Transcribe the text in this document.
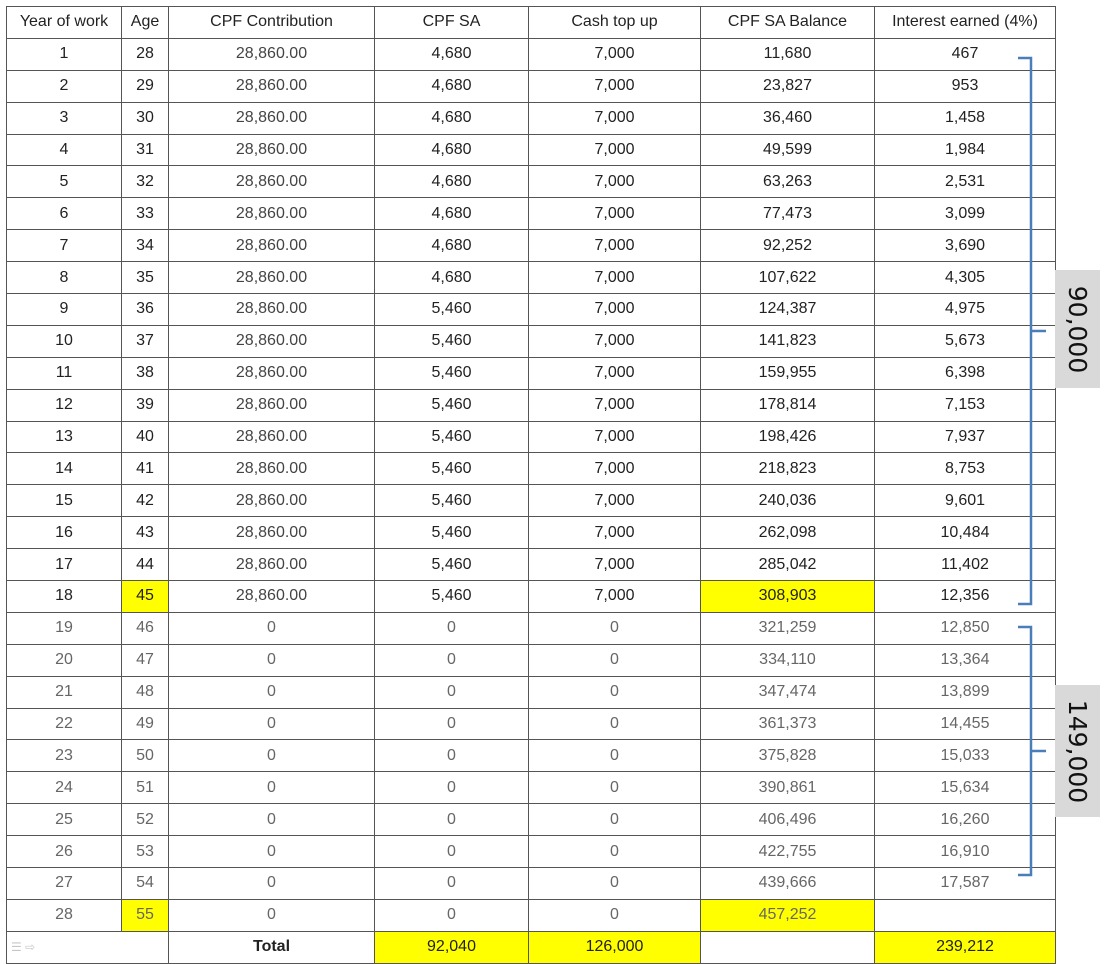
Year of work	Age	CPF Contribution	CPF SA	Cash top up	CPF SA Balance	Interest earned (4%)
1	28	28,860.00	4,680	7,000	11,680	467
2	29	28,860.00	4,680	7,000	23,827	953
3	30	28,860.00	4,680	7,000	36,460	1,458
4	31	28,860.00	4,680	7,000	49,599	1,984
5	32	28,860.00	4,680	7,000	63,263	2,531
6	33	28,860.00	4,680	7,000	77,473	3,099
7	34	28,860.00	4,680	7,000	92,252	3,690
8	35	28,860.00	4,680	7,000	107,622	4,305
9	36	28,860.00	5,460	7,000	124,387	4,975
10	37	28,860.00	5,460	7,000	141,823	5,673
11	38	28,860.00	5,460	7,000	159,955	6,398
12	39	28,860.00	5,460	7,000	178,814	7,153
13	40	28,860.00	5,460	7,000	198,426	7,937
14	41	28,860.00	5,460	7,000	218,823	8,753
15	42	28,860.00	5,460	7,000	240,036	9,601
16	43	28,860.00	5,460	7,000	262,098	10,484
17	44	28,860.00	5,460	7,000	285,042	11,402
18	45	28,860.00	5,460	7,000	308,903	12,356
19	46	0	0	0	321,259	12,850
20	47	0	0	0	334,110	13,364
21	48	0	0	0	347,474	13,899
22	49	0	0	0	361,373	14,455
23	50	0	0	0	375,828	15,033
24	51	0	0	0	390,861	15,634
25	52	0	0	0	406,496	16,260
26	53	0	0	0	422,755	16,910
27	54	0	0	0	439,666	17,587
28	55	0	0	0	457,252	

☰ ⇨		Total	92,040	126,000		239,212
90,000
149,000
